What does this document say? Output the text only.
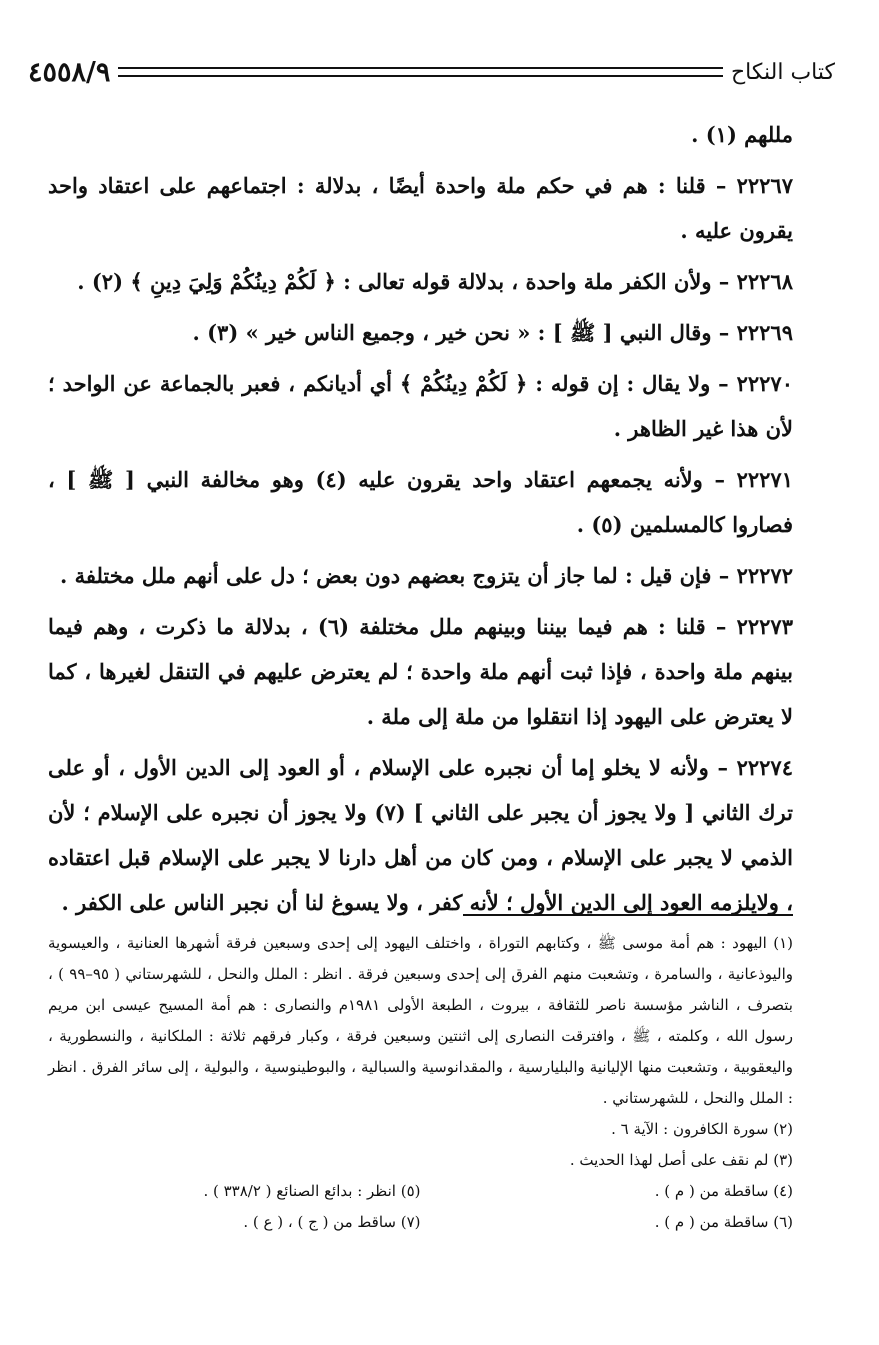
٤٥٥٨/٩	كتاب النكاح

مللهم (١) .

٢٢٢٦٧ – قلنا : هم في حكم ملة واحدة أيضًا ، بدلالة : اجتماعهم على اعتقاد واحد يقرون عليه .

٢٢٢٦٨ – ولأن الكفر ملة واحدة ، بدلالة قوله تعالى : ﴿ لَكُمْ دِينُكُمْ وَلِيَ دِينِ ﴾ (٢) .

٢٢٢٦٩ – وقال النبي [ ﷺ ] : « نحن خير ، وجميع الناس خير » (٣) .

٢٢٢٧٠ – ولا يقال : إن قوله : ﴿ لَكُمْ دِينُكُمْ ﴾ أي أديانكم ، فعبر بالجماعة عن الواحد ؛ لأن هذا غير الظاهر .

٢٢٢٧١ – ولأنه يجمعهم اعتقاد واحد يقرون عليه (٤) وهو مخالفة النبي [ ﷺ ] ، فصاروا كالمسلمين (٥) .

٢٢٢٧٢ – فإن قيل : لما جاز أن يتزوج بعضهم دون بعض ؛ دل على أنهم ملل مختلفة .

٢٢٢٧٣ – قلنا : هم فيما بيننا وبينهم ملل مختلفة (٦) ، بدلالة ما ذكرت ، وهم فيما بينهم ملة واحدة ، فإذا ثبت أنهم ملة واحدة ؛ لم يعترض عليهم في التنقل لغيرها ، كما لا يعترض على اليهود إذا انتقلوا من ملة إلى ملة .

٢٢٢٧٤ – ولأنه لا يخلو إما أن نجبره على الإسلام ، أو العود إلى الدين الأول ، أو على ترك الثاني [ ولا يجوز أن يجبر على الثاني ] (٧) ولا يجوز أن نجبره على الإسلام ؛ لأن الذمي لا يجبر على الإسلام ، ومن كان من أهل دارنا لا يجبر على الإسلام قبل اعتقاده ، ولايلزمه العود إلى الدين الأول ؛ لأنه كفر ، ولا يسوغ لنا أن نجبر الناس على الكفر .

(١) اليهود : هم أمة موسى ﷺ ، وكتابهم التوراة ، واختلف اليهود إلى إحدى وسبعين فرقة أشهرها العنانية ، والعيسوية واليوذعانية ، والسامرة ، وتشعبت منهم الفرق إلى إحدى وسبعين فرقة . انظر : الملل والنحل ، للشهرستاني ( ٩٥–٩٩ ) ، بتصرف ، الناشر مؤسسة ناصر للثقافة ، بيروت ، الطبعة الأولى ١٩٨١م والنصارى : هم أمة المسيح عيسى ابن مريم رسول الله ، وكلمته ، ﷺ ، وافترقت النصارى إلى اثنتين وسبعين فرقة ، وكبار فرقهم ثلاثة : الملكانية ، والنسطورية ، واليعقوبية ، وتشعبت منها الإليانية والبليارسية ، والمقدانوسية والسبالية ، والبوطينوسية ، والبولية ، إلى سائر الفرق . انظر : الملل والنحل ، للشهرستاني .

(٢) سورة الكافرون : الآية ٦ .

(٣) لم نقف على أصل لهذا الحديث .

(٤) ساقطة من ( م ) .

(٥) انظر : بدائع الصنائع ( ٣٣٨/٢ ) .

(٦) ساقطة من ( م ) .

(٧) ساقط من ( ج ) ، ( ع ) .
